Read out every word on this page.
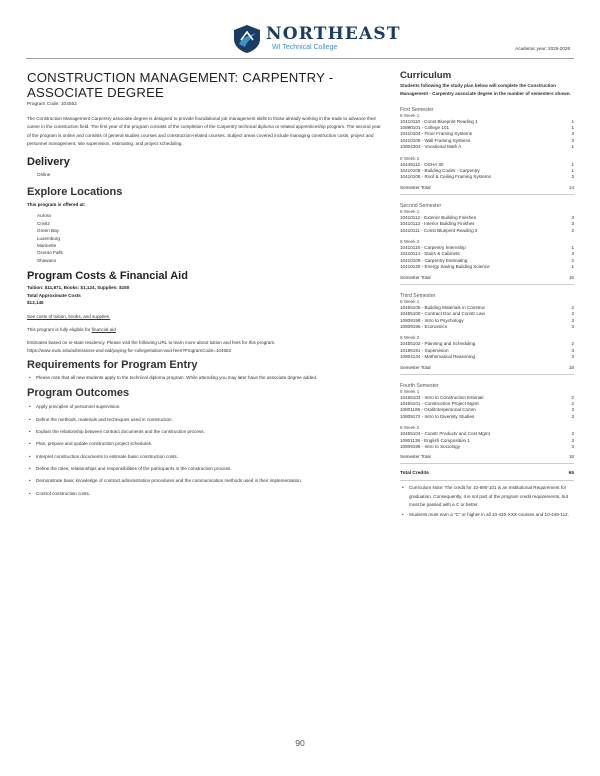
NORTHEAST
WI Technical College	Academic year: 2025-2026
CONSTRUCTION MANAGEMENT: CARPENTRY -
ASSOCIATE DEGREE
Program Code: 104552

The Construction Management Carpentry associate degree is designed to provide foundational job management skills to those already working in the trade to advance their career in the construction field. The first year of the program consists of the completion of the Carpentry technical diploma or related apprenticeship program. The second year of the program is online and consists of general studies courses and construction-related courses. Subject areas covered include managing construction costs, project and personnel management, site supervision, estimating, and project scheduling.

Delivery
Online
Explore Locations
This program is offered at:
Aurora
Crivitz
Green Bay
Luxemburg
Marinette
Oconto Falls
Shawano
Program Costs & Financial Aid
Tuition: $11,871, Books: $1,124, Supplies: $150
Total Approximate Costs
$13,145
See costs of tuition, books, and supplies.
This program is fully eligible for financial aid.
Estimates based on in-state residency. Please visit the following URL to learn more about tuition and fees for this program.
https://www.nwtc.edu/admissions-and-aid/paying-for-college/tuition-and-fees?ProgramCode=104552
Requirements for Program Entry
• Please note that all new students apply to the technical diploma program. While attending you may later have the associate degree added.
Program Outcomes
• Apply principles of personnel supervision.
• Define the methods, materials and techniques used in construction.
• Explain the relationship between contract documents and the construction process.
• Plan, prepare and update construction project schedules.
• Interpret construction documents to estimate basic construction costs.
• Define the roles, relationships and responsibilities of the participants in the construction process.
• Demonstrate basic knowledge of contract administration procedures and the communication methods used in their implementation.
• Control construction costs.
Curriculum

Students following the study plan below will complete the Construction Management - Carpentry associate degree in the number of semesters shown.

First Semester
8 Week 1
10410110 - Const Blueprint Reading 1	1
10890101 - College 101	1
10410104 - Floor Framing Systems	3
10410105 - Wall Framing Systems	3
10804304 - Vocational Math A	1
8 Week 2
10449112 - OSHA 30	1
10410108 - Building Codes - Carpentry	1
10410106 - Roof & Ceiling Framing Systems	3
Semester Total	14
Second Semester
8 Week 1
10410112 - Exterior Building Finishes	3
10410113 - Interior Building Finishes	3
10410111 - Const Blueprint Reading 2	2
8 Week 2
10410115 - Carpentry Internship	1
10410114 - Stairs & Cabinets	3
10410109 - Carpentry Estimating	2
10410120 - Energy Saving Building Science	1
Semester Total	15
Third Semester
8 Week 1
10455105 - Building Materials in Construc	2
10455100 - Contract Doc and Constr Law	2
10809198 - Intro to Psychology	3
10809195 - Economics	3
8 Week 2
10455102 - Planning and Scheduling	2
10196191 - Supervision	3
10804134 - Mathematical Reasoning	3
Semester Total	18
Fourth Semester
8 Week 1
10455103 - Intro to Construction Estimati	2
10455101 - Construction Project Mgmt	2
10801196 - Oral/Interpersonal Comm	3
10809172 - Intro to Diversity Studies	3
8 Week 2
10455104 - Constr Productv and Cost Mgmt	2
10801136 - English Composition 1	3
10809196 - Intro to Sociology	3
Semester Total	18
Total Credits	65
• Curriculum Note: The credit for 10-890-101 is an Institutional Requirement for graduation. Consequently, it is not part of the program credit requirements, but must be passed with a C or better.
• Students must earn a "C" or higher in all 10-410-XXX courses and 10-449-112.
90
